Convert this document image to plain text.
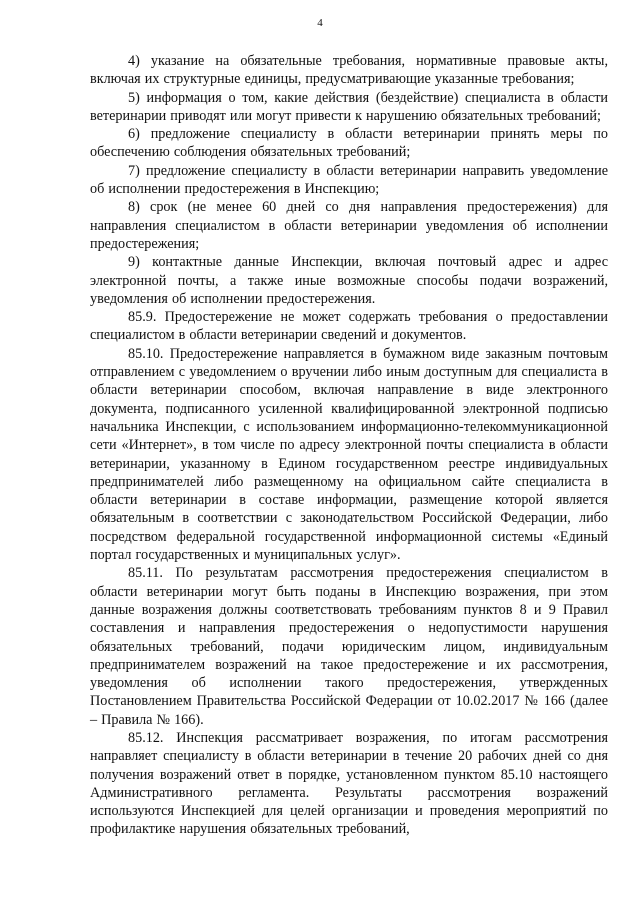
4

4) указание на обязательные требования, нормативные правовые акты, включая их структурные единицы, предусматривающие указанные требования;

5) информация о том, какие действия (бездействие) специалиста в области ветеринарии приводят или могут привести к нарушению обязательных требований;

6) предложение специалисту в области ветеринарии принять меры по обеспечению соблюдения обязательных требований;

7) предложение специалисту в области ветеринарии направить уведомление об исполнении предостережения в Инспекцию;

8) срок (не менее 60 дней со дня направления предостережения) для направления специалистом в области ветеринарии уведомления об исполнении предостережения;

9) контактные данные Инспекции, включая почтовый адрес и адрес электронной почты, а также иные возможные способы подачи возражений, уведомления об исполнении предостережения.

85.9. Предостережение не может содержать требования о предоставлении специалистом в области ветеринарии сведений и документов.

85.10. Предостережение направляется в бумажном виде заказным почтовым отправлением с уведомлением о вручении либо иным доступным для специалиста в области ветеринарии способом, включая направление в виде электронного документа, подписанного усиленной квалифицированной электронной подписью начальника Инспекции, с использованием информационно-телекоммуникационной сети «Интернет», в том числе по адресу электронной почты специалиста в области ветеринарии, указанному в Едином государственном реестре индивидуальных предпринимателей либо размещенному на официальном сайте специалиста в области ветеринарии в составе информации, размещение которой является обязательным в соответствии с законодательством Российской Федерации, либо посредством федеральной государственной информационной системы «Единый портал государственных и муниципальных услуг».

85.11. По результатам рассмотрения предостережения специалистом в области ветеринарии могут быть поданы в Инспекцию возражения, при этом данные возражения должны соответствовать требованиям пунктов 8 и 9 Правил составления и направления предостережения о недопустимости нарушения обязательных требований, подачи юридическим лицом, индивидуальным предпринимателем возражений на такое предостережение и их рассмотрения, уведомления об исполнении такого предостережения, утвержденных Постановлением Правительства Российской Федерации от 10.02.2017 № 166 (далее – Правила № 166).

85.12. Инспекция рассматривает возражения, по итогам рассмотрения направляет специалисту в области ветеринарии в течение 20 рабочих дней со дня получения возражений ответ в порядке, установленном пунктом 85.10 настоящего Административного регламента. Результаты рассмотрения возражений используются Инспекцией для целей организации и проведения мероприятий по профилактике нарушения обязательных требований,
